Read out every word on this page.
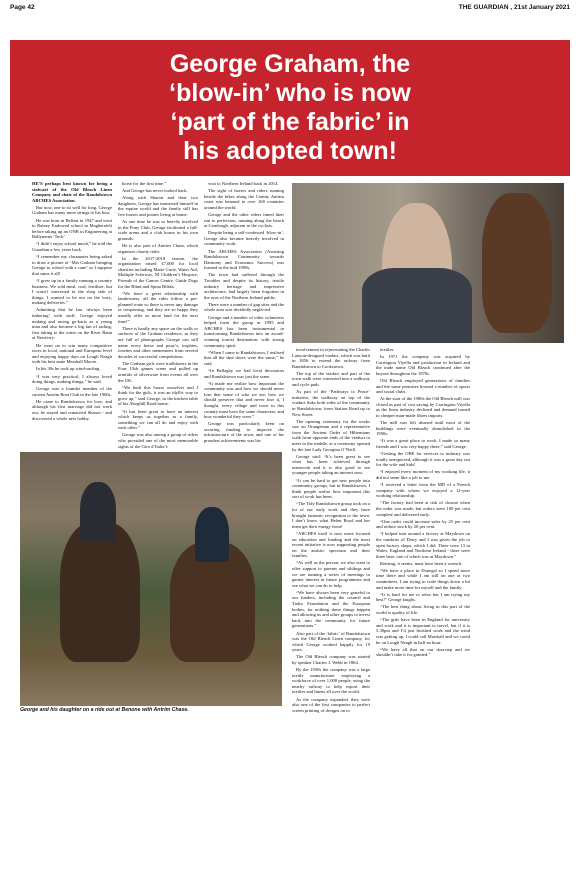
Page 42	THE GUARDIAN , 21st January 2021
George Graham, the
‘blow-in’ who is now
‘part of the fabric’ in
his adopted town!

HE’S perhaps best known for being a stalwart of the Old Bleach Linen Company and chair of the Randalstown ARCHES Association.

But now, one to sit well for long, George Graham has many more strings to his bow.

He was born in Belfast in 1947 and went to Rainey Endowed school in Magherafelt before taking up an ONB in Engineering at Ballymena ‘Tech’.

“I didn’t enjoy school much,” he told the Guardian a few years back.

“I remember my classmates being asked to draw a picture of ‘Mrs Graham bringing George to school with a cane’ so I suppose that sums it all!

“I grew up in a family running a country business. We sold meal, coal, fertiliser, but I wasn’t interested in the shop side of things, I wanted to be out on the lorry, making deliveries.”

Admitting that he has ‘always been tinkering’ with stuff, George enjoyed making and racing go-karts as a young man and also became a big fan of sailing, first taking to the water on the River Bann at Newferry.

He went on to win many competitive races in local, national and European level and enjoying happy days on Lough Neagh with his best mate Marshall Moore.

In his 30s he took up wind-surfing.

“I was very practical, I always loved doing things, making things,” he said.

George was a founder member of the current Antrim Boat Club in the late 1960s.

He came to Randalstown for love, and although his first marriage did not work out, he stayed and remarried Sharon - and discovered a whole new hobby.

horse for the first time.”

And George has never looked back.

Along with Sharon and their two daughters, George has immersed himself in the equine world and the family still has five horses and ponies living at home.

As one time he was so heavily involved in the Pony Club, George facilitated a full-scale arena and a club house in his own grounds.

He is also part of Antrim Chase, which organises charity rides.

In the 2017-2018 season, the organisation raised £7,000 for local charities including Marie Curie, Water Aid, Multiple Sclerosis, NI Children’s Hospice, Friends of the Cancer Centre, Guide Dogs for the Blind and Spina Bifida.

“We have a great relationship with landowners, all the rides follow a pre-planned route so there is never any damage or trespassing, and they are so happy they usually offer us more land for the next time!”

There is hardly any space on the walls or surfaces of the Graham residence, as they are full of photographs George can still name every horse and pony’s, trophies, rosettes and other mementoes from several decades of successful competitions.

The Graham girls were trailblazers in the Four Ulsh games scene and pulled up armfuls of silverware from events all over the UK.

“We built this house ourselves and I think for the girls, it was an idyllic way to grow up,” said George, in the kitchen table of his Aboghill Road home.

“It has been great to have an interest which keeps us together as a family, something we can all do and enjoy with each other.”

George was also among a group of riders who provided one of the most memorable sights of the Giro d’Italia’s

visit to Northern Ireland back in 2014.

The sight of horses and riders running beside the bikes along the County Antrim coast was beamed to over 160 countries around the world.

George and the other riders timed their run to perfection, running along the beach at Carnlough, adjacent to the cyclists.

Despite being a self-confessed ‘blow-in’, George also became heavily involved in community work.

The ARCHES Association (Assisting Randalstown Community towards Harmony and Economic Success) was formed in the mid 1990s.

The town had suffered through the Troubles and despite its history, textile industry heritage and impressive architecture, had largely been forgotten in the eyes of the Northern Ireland public.

There were a number of gap sites and the whole area was decidedly neglected.

George and a number of other volunteers helped form the group in 1995 and ARCHES has been instrumental in transforming Randalstown into an award-winning tourist destination, with strong community spirit.

“When I came to Randalstown, I realised that all the shut doors were the same,” he said.

“In Bellaghy we had local decorators and Randalstown was just the same.

“It made me realise how important the community was and how we should never lose that sense of who we are, how we should preserve that and never lose it, I thought, every village and town in this country must have the same characters, and how wonderful they were.”

George was particularly keen on securing funding to improve the infrastructure of the town, and one of his proudest achievements was his

involvement in rejuvenating the Charles Lanyon-designed viaduct, which was built in 1856 to extend the railway from Randalstown to Cookstown.

The top of the viaduct and part of the town walk were converted into a walkway and cycle path.

As part of the ‘Pathways to Peace’ initiative, the walkway on top of the viaduct links both sides of the community in Randalstown, from Station Road up to New Street.

The opening ceremony for the works saw an Orangeman and a representative from the Ancient Order of Hibernians walk from opposite ends of the viaduct to meet in the middle, at a ceremony opened by the late Lady Georgina O’Neill.

George said: “It’s been great to see what has been achieved through teamwork and it is also good to see younger people taking an interest now.

“It can be hard to get new people into community groups, but in Randalstown, I think people realise how important this sort of work has been.

“The Tidy Randalstown group took on a lot of our early work and they have brought fantastic recognition to the town. I don’t know what Helen Boyd and her team get their energy from!

“ARCHES itself is now more focused on education and funding and the most recent initiative is now supporting people on the autistic spectrum and their families.

“As well as the person, we also want to offer support to parents and siblings and we are running a series of meetings to garner interest in future programmes and see what we can do to help.

“We have always been very grateful to our funders, including the council and Tudor Foundation and the European bodies, for nothing these things happen and allowing us and other groups to invest back into the community for future generations.”

Also part of the ‘fabric’ of Randalstown was the Old Bleach Linen company, for which George worked happily for 19 years.

The Old Bleach company was started by speaker Charles J. Webb in 1864.

By the 1930s the company was a large textile manufacturer employing a workforce of over 1,000 people, using the nearby railway to help export their textiles and linens all over the world.

As the company expanded, they were also one of the first companies to perfect screen printing of designs on to

textiles.

In 1971 the company was acquired by Carrington Viyella and production in Ireland and the trade name Old Bleach continued after the buyout throughout the 1970s.

Old Bleach employed generations of families and the same premises housed a number of sports and social clubs.

At the start of the 1980s the Old Bleach mill was closed as part of cost saving by Carrington Viyella as the linen industry declined and demand turned to cheaper man-made fibres imports.

The mill was left disused until most of the buildings were eventually demolished in the 1990s.

“It was a great place to work, I made so many friends and I was very happy there,” said George.

“Getting the OBE for services to industry was totally unexpected, although it was a great day out for the wife and kids!

“I enjoyed every moment of my working life, it did not seem like a job to me.

“I received a letter from the MD of a French company with whom we enjoyed a 12-year working relationship.

“The factory had been at risk of closure when the order was made, but orders were 100 per cent complete and delivered early.

“One order could increase sales by 25 per cent and reduce stock by 20 per cent.

“I helped turn around a factory at Maydown on the outskirts of Derry and I was given the job to open factory shops, which I did. There were 13 in Wales, England and Northern Ireland - there were three here, one of which was at Maydown.”

Retiring, it seems, must have been a wrench.

“We have a place in Donegal so I spend more time there and while I am still on one or two committees, I am trying to scale things down a bit and make more time for myself and the family.

“It is hard for me to relax but I am trying my best!” George laughs.

“The best thing about living in this part of the world is quality of life.

“The girls have been in England for university and work and it is important to travel, but if it is 5.30pm and I’d just finished work and the wind was getting up, I could call Marshall and we could be on Lough Neagh in half an hour.

“We have all that on our doorstep and we shouldn’t take it for granted.”

George and his daughter on a ride out at Benone with Antrim Chase.
